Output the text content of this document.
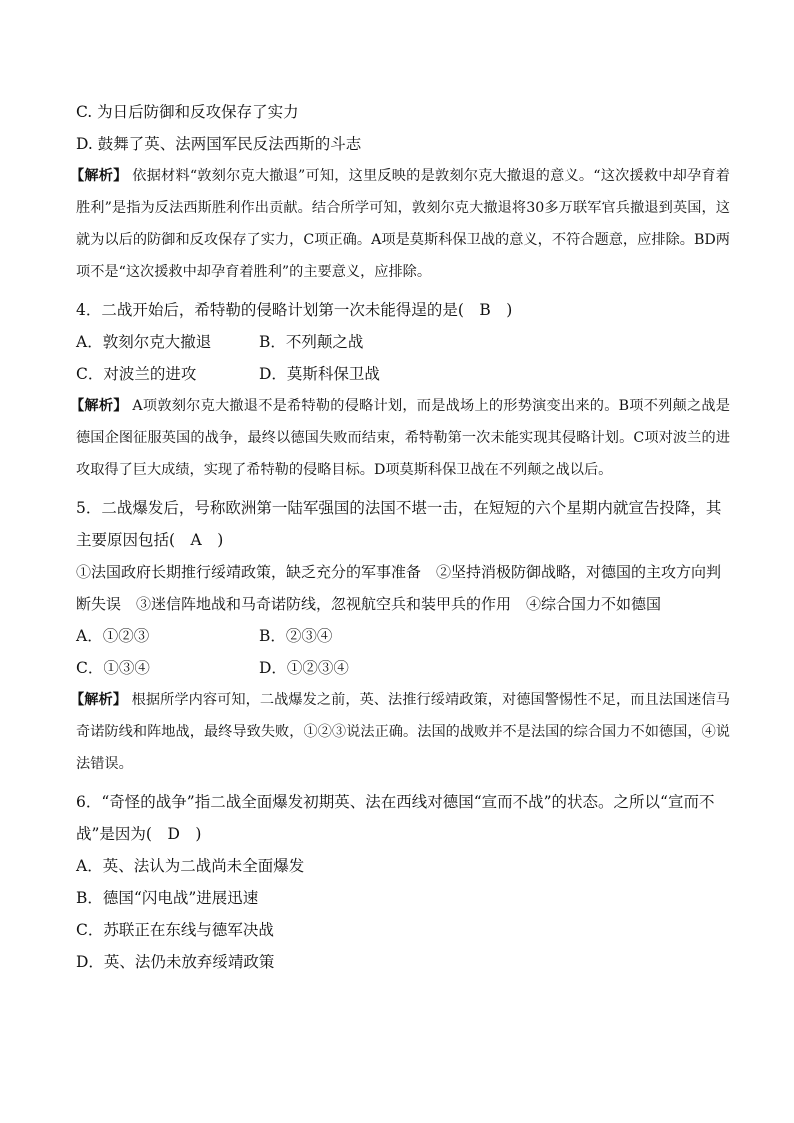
C. 为日后防御和反攻保存了实力

D. 鼓舞了英、法两国军民反法西斯的斗志

【解析】 依据材料“敦刻尔克大撤退”可知，这里反映的是敦刻尔克大撤退的意义。“这次援救中却孕育着胜利”是指为反法西斯胜利作出贡献。结合所学可知，敦刻尔克大撤退将30多万联军官兵撤退到英国，这就为以后的防御和反攻保存了实力，C项正确。A项是莫斯科保卫战的意义，不符合题意，应排除。BD两项不是“这次援救中却孕育着胜利”的主要意义，应排除。

4．二战开始后，希特勒的侵略计划第一次未能得逞的是(　B　)

A．敦刻尔克大撤退	B．不列颠之战
C．对波兰的进攻	D．莫斯科保卫战

【解析】 A项敦刻尔克大撤退不是希特勒的侵略计划，而是战场上的形势演变出来的。B项不列颠之战是德国企图征服英国的战争，最终以德国失败而结束，希特勒第一次未能实现其侵略计划。C项对波兰的进攻取得了巨大成绩，实现了希特勒的侵略目标。D项莫斯科保卫战在不列颠之战以后。

5．二战爆发后，号称欧洲第一陆军强国的法国不堪一击，在短短的六个星期内就宣告投降，其主要原因包括(　A　)

①法国政府长期推行绥靖政策，缺乏充分的军事准备　②坚持消极防御战略，对德国的主攻方向判断失误　③迷信阵地战和马奇诺防线，忽视航空兵和装甲兵的作用　④综合国力不如德国

A．①②③	B．②③④
C．①③④	D．①②③④

【解析】 根据所学内容可知，二战爆发之前，英、法推行绥靖政策，对德国警惕性不足，而且法国迷信马奇诺防线和阵地战，最终导致失败，①②③说法正确。法国的战败并不是法国的综合国力不如德国，④说法错误。

6．“奇怪的战争”指二战全面爆发初期英、法在西线对德国“宣而不战”的状态。之所以“宣而不战”是因为(　D　)

A．英、法认为二战尚未全面爆发

B．德国“闪电战”进展迅速

C．苏联正在东线与德军决战

D．英、法仍未放弃绥靖政策
